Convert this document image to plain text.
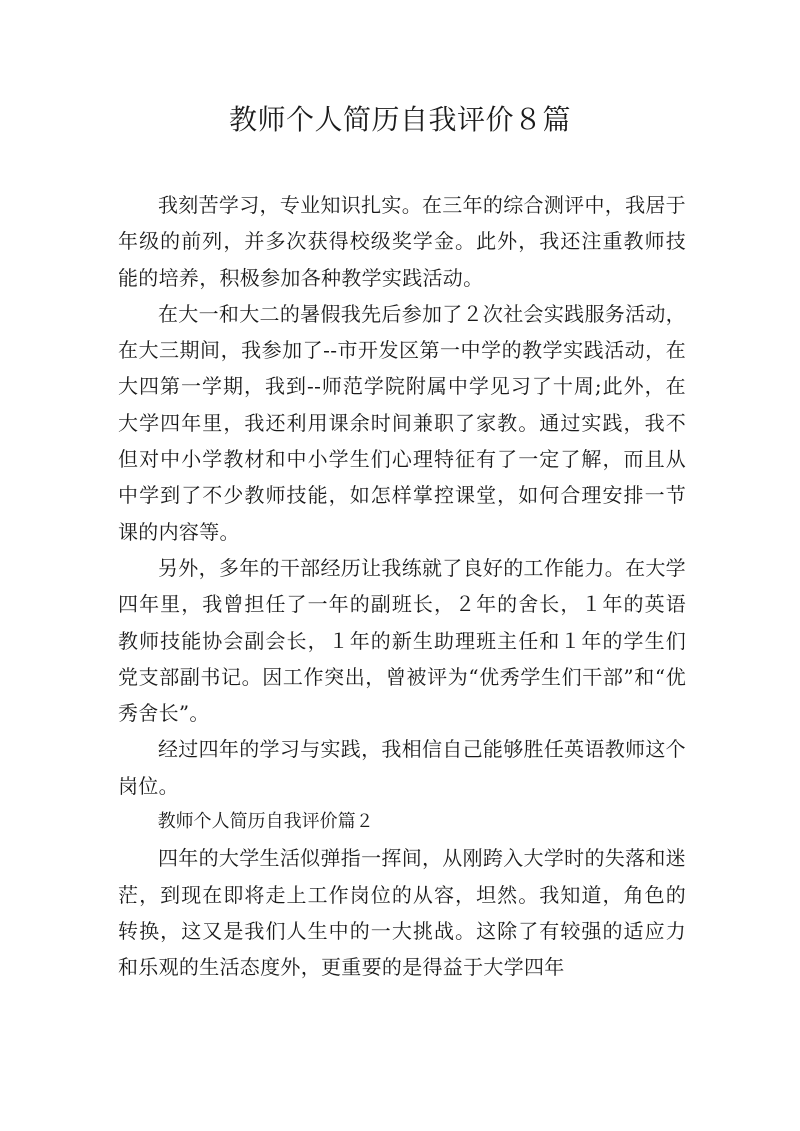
教师个人简历自我评价８篇

我刻苦学习，专业知识扎实。在三年的综合测评中，我居于年级的前列，并多次获得校级奖学金。此外，我还注重教师技能的培养，积极参加各种教学实践活动。

在大一和大二的暑假我先后参加了２次社会实践服务活动，在大三期间，我参加了--市开发区第一中学的教学实践活动，在大四第一学期，我到--师范学院附属中学见习了十周;此外，在大学四年里，我还利用课余时间兼职了家教。通过实践，我不但对中小学教材和中小学生们心理特征有了一定了解，而且从中学到了不少教师技能，如怎样掌控课堂，如何合理安排一节课的内容等。

另外，多年的干部经历让我练就了良好的工作能力。在大学四年里，我曾担任了一年的副班长，２年的舍长，１年的英语教师技能协会副会长，１年的新生助理班主任和１年的学生们党支部副书记。因工作突出，曾被评为“优秀学生们干部”和“优秀舍长”。

经过四年的学习与实践，我相信自己能够胜任英语教师这个岗位。

教师个人简历自我评价篇２

四年的大学生活似弹指一挥间，从刚跨入大学时的失落和迷茫，到现在即将走上工作岗位的从容，坦然。我知道，角色的转换，这又是我们人生中的一大挑战。这除了有较强的适应力和乐观的生活态度外，更重要的是得益于大学四年
